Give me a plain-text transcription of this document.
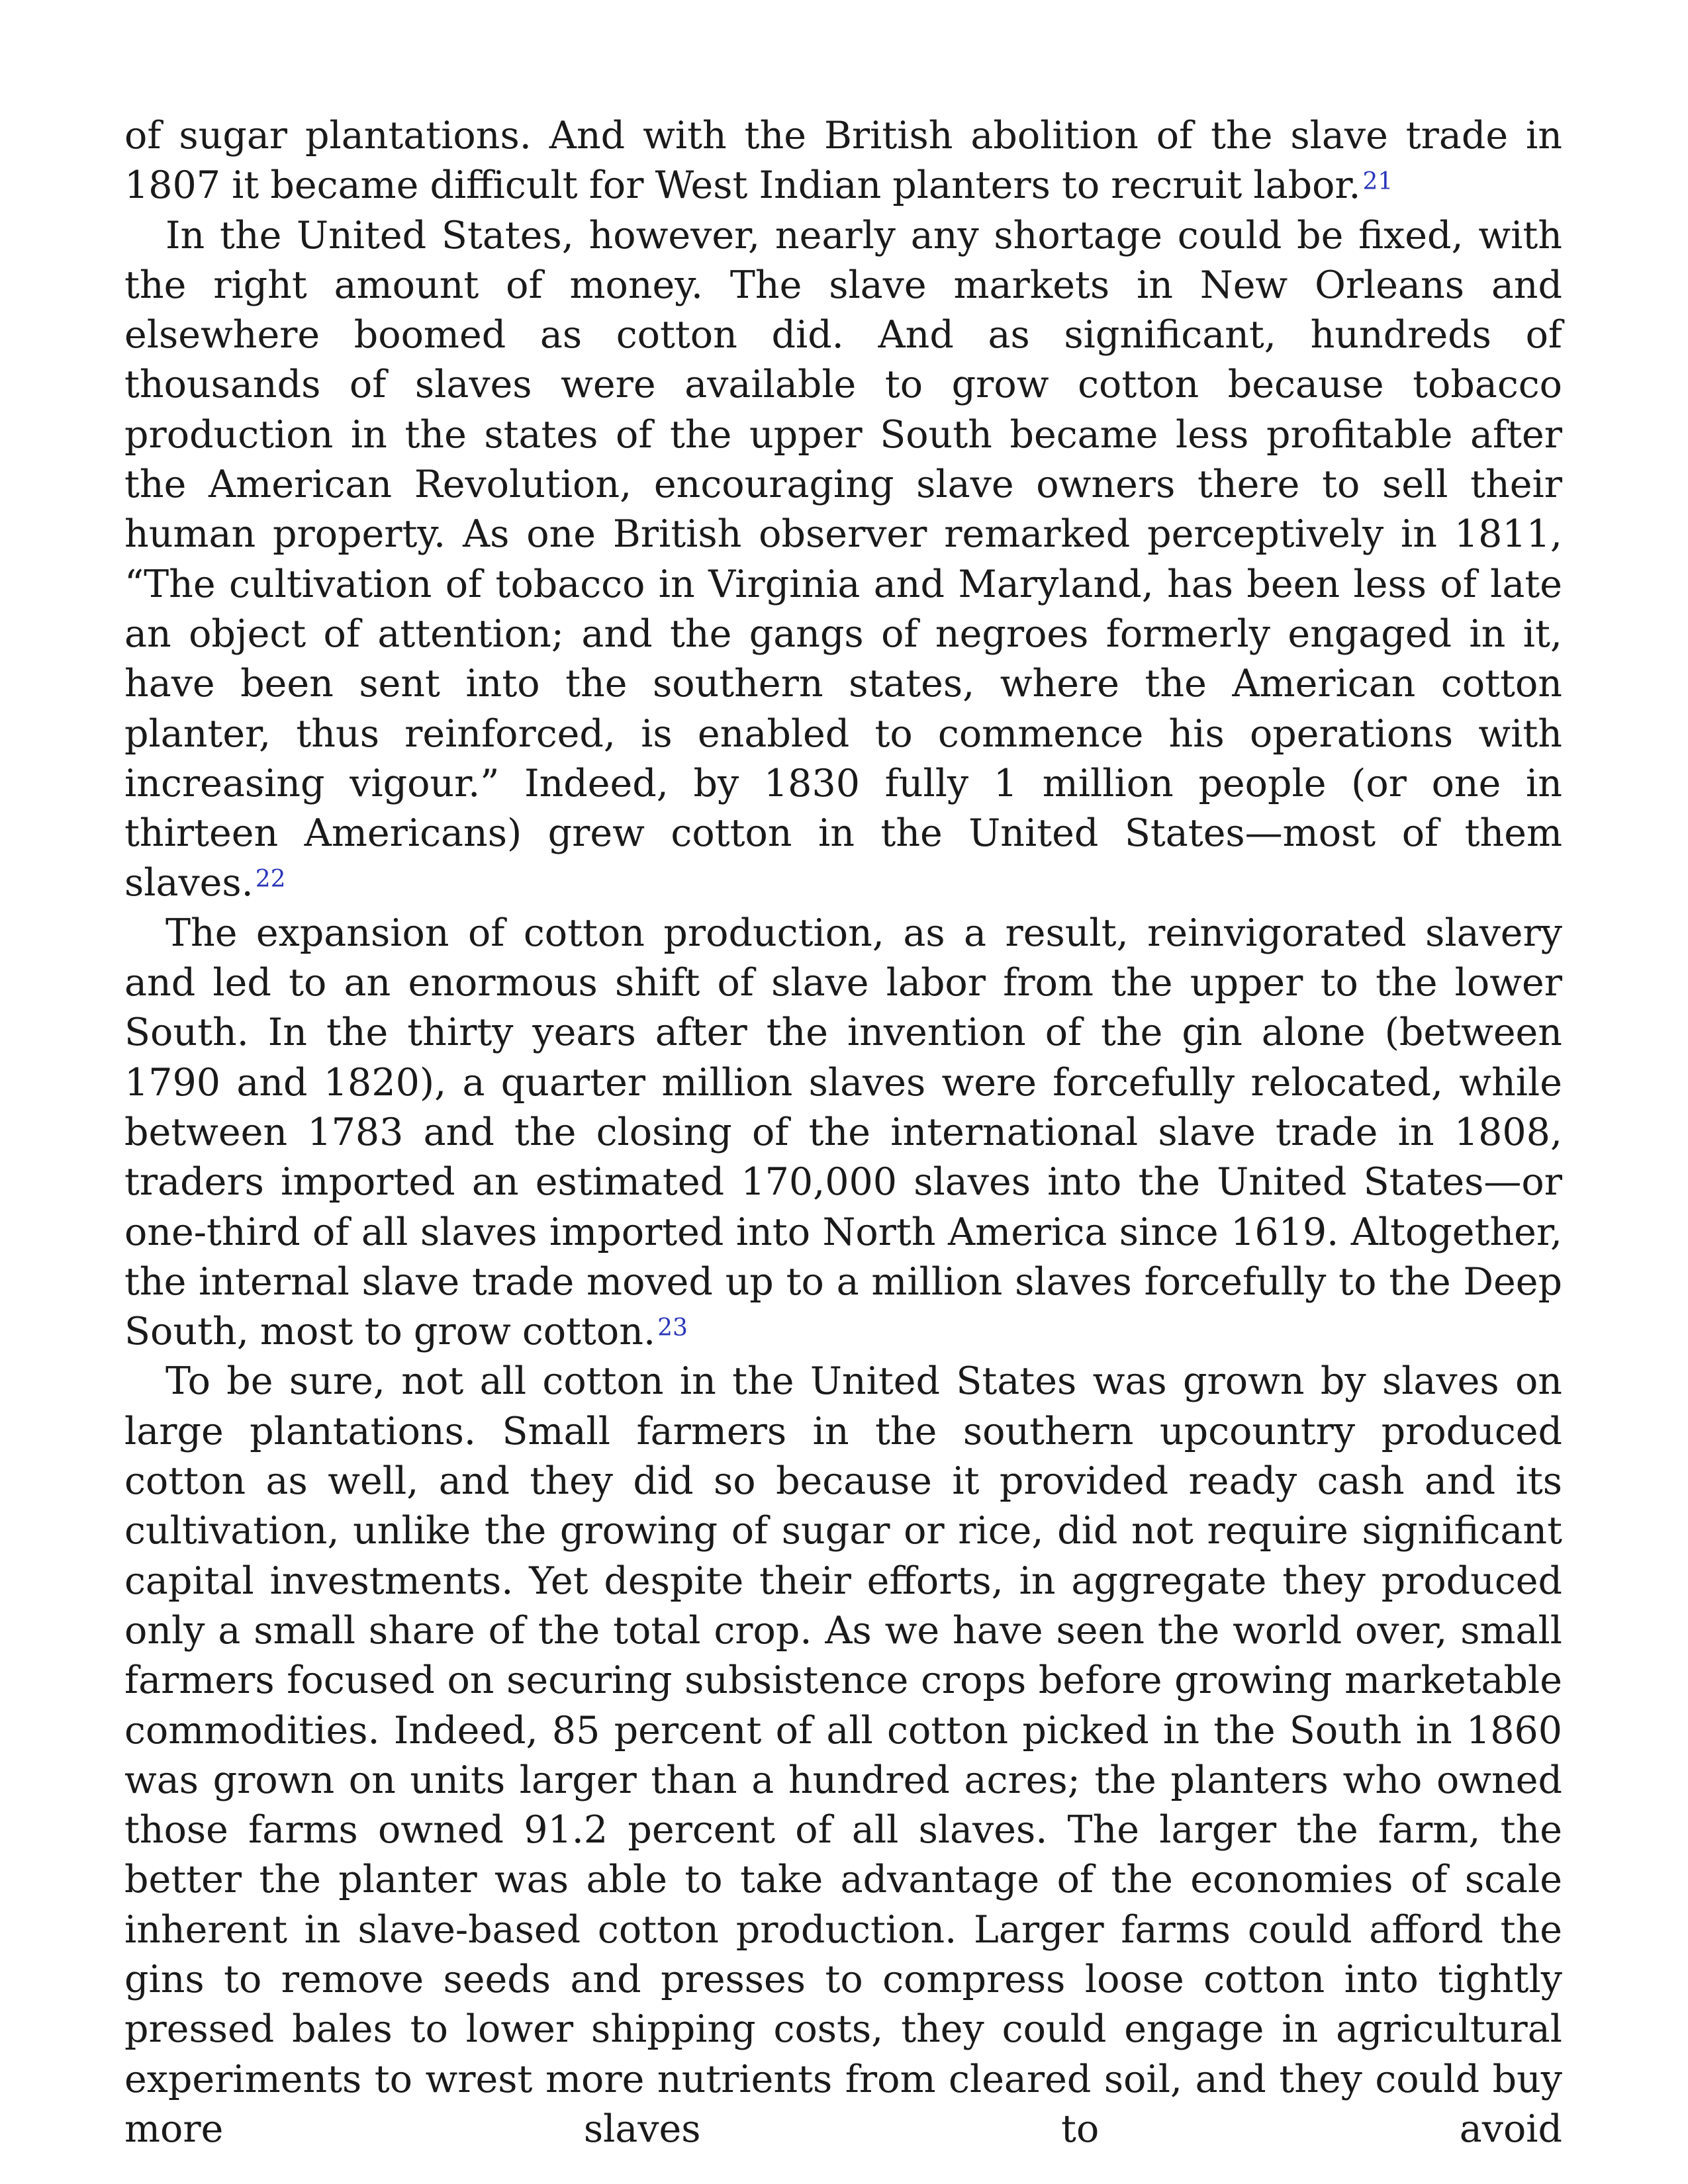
of sugar plantations. And with the British abolition of the slave trade in 1807 it became difficult for West Indian planters to recruit labor.$^{21}$

In the United States, however, nearly any shortage could be fixed, with the right amount of money. The slave markets in New Orleans and elsewhere boomed as cotton did. And as significant, hundreds of thousands of slaves were available to grow cotton because tobacco production in the states of the upper South became less profitable after the American Revolution, encouraging slave owners there to sell their human property. As one British observer remarked perceptively in 1811, “The cultivation of tobacco in Virginia and Maryland, has been less of late an object of attention; and the gangs of negroes formerly engaged in it, have been sent into the southern states, where the American cotton planter, thus reinforced, is enabled to commence his operations with increasing vigour.” Indeed, by 1830 fully 1 million people (or one in thirteen Americans) grew cotton in the United States—most of them slaves.$^{22}$

The expansion of cotton production, as a result, reinvigorated slavery and led to an enormous shift of slave labor from the upper to the lower South. In the thirty years after the invention of the gin alone (between 1790 and 1820), a quarter million slaves were forcefully relocated, while between 1783 and the closing of the international slave trade in 1808, traders imported an estimated 170,000 slaves into the United States—or one-third of all slaves imported into North America since 1619. Altogether, the internal slave trade moved up to a million slaves forcefully to the Deep South, most to grow cotton.$^{23}$

To be sure, not all cotton in the United States was grown by slaves on large plantations. Small farmers in the southern upcountry produced cotton as well, and they did so because it provided ready cash and its cultivation, unlike the growing of sugar or rice, did not require significant capital investments. Yet despite their efforts, in aggregate they produced only a small share of the total crop. As we have seen the world over, small farmers focused on securing subsistence crops before growing marketable commodities. Indeed, 85 percent of all cotton picked in the South in 1860 was grown on units larger than a hundred acres; the planters who owned those farms owned 91.2 percent of all slaves. The larger the farm, the better the planter was able to take advantage of the economies of scale inherent in slave-based cotton production. Larger farms could afford the gins to remove seeds and presses to compress loose cotton into tightly pressed bales to lower shipping costs, they could engage in agricultural experiments to wrest more nutrients from cleared soil, and they could buy more slaves to avoid
